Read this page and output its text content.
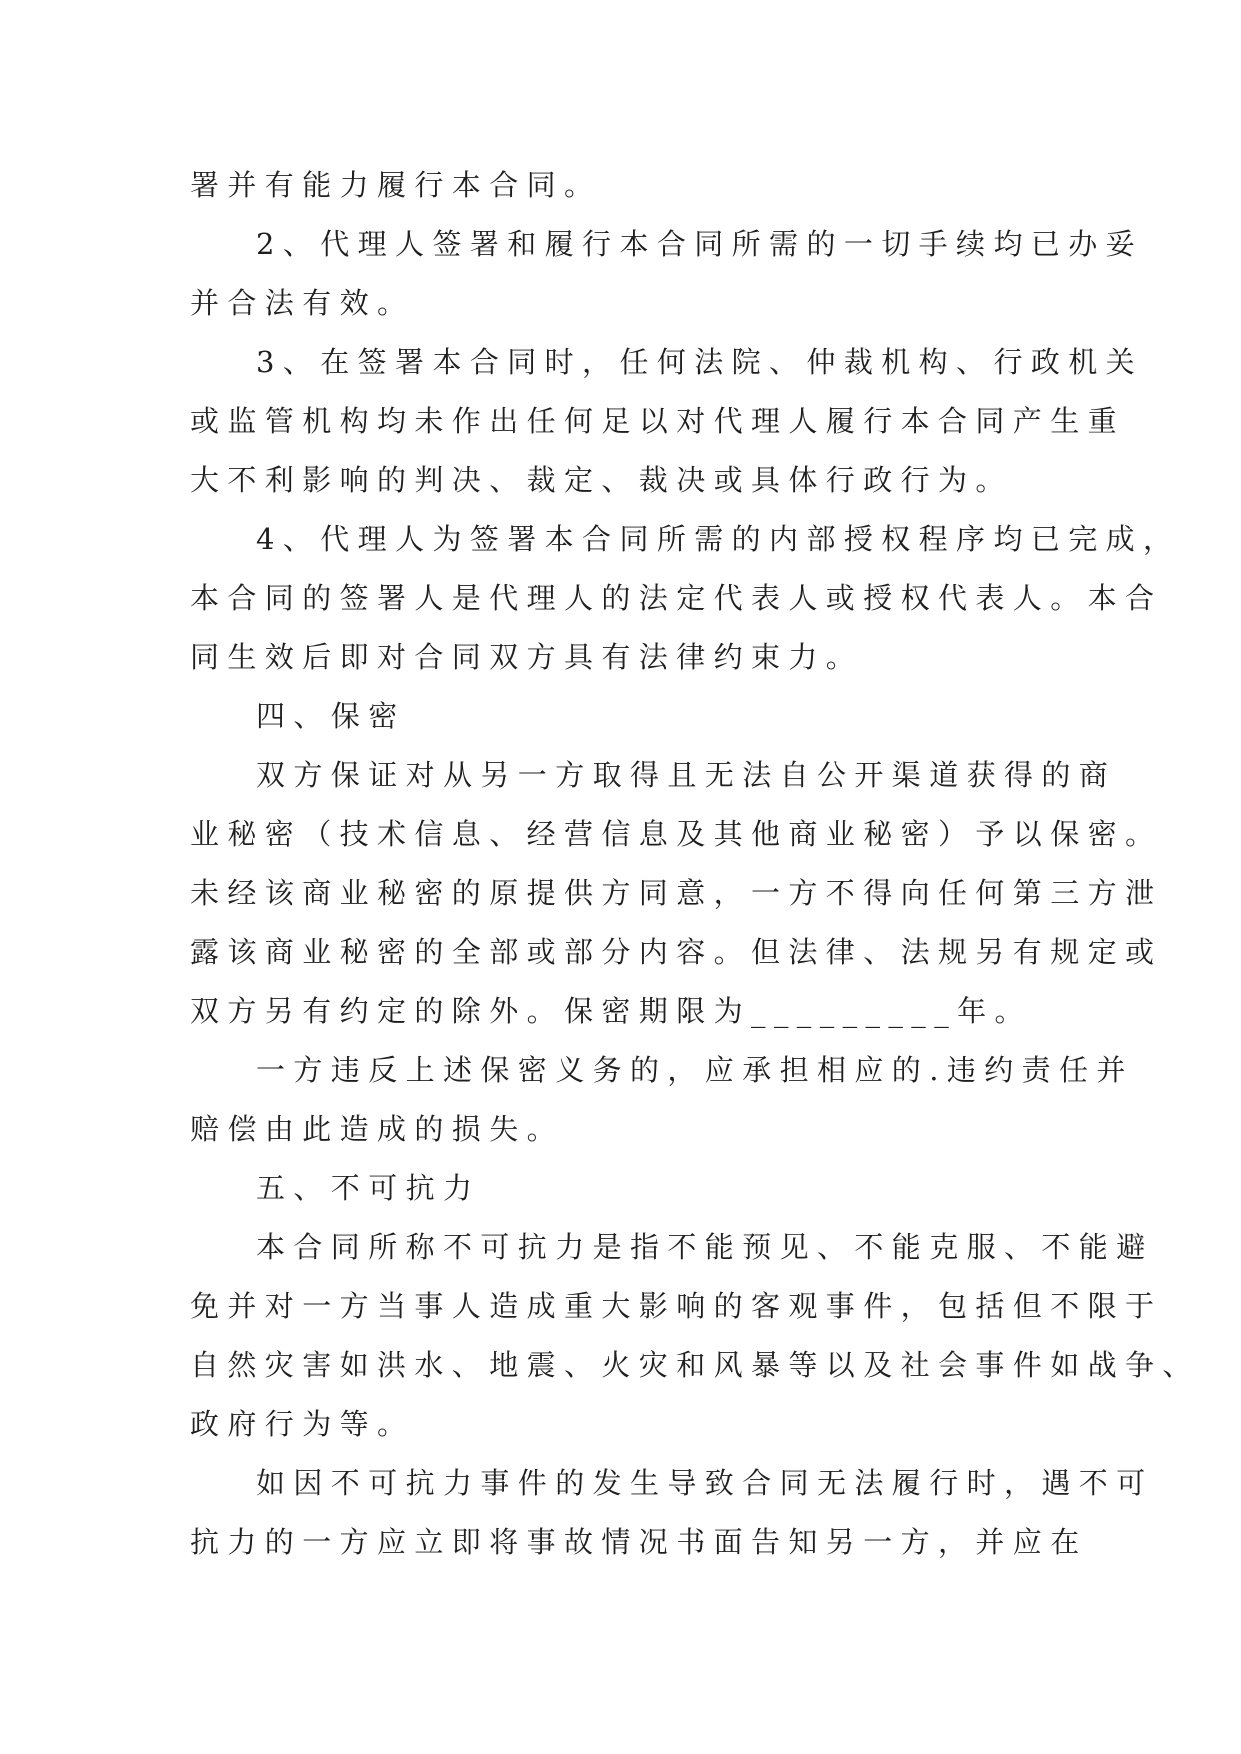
署并有能力履行本合同。
2、代理人签署和履行本合同所需的一切手续均已办妥
并合法有效。
3、在签署本合同时，任何法院、仲裁机构、行政机关
或监管机构均未作出任何足以对代理人履行本合同产生重
大不利影响的判决、裁定、裁决或具体行政行为。
4、代理人为签署本合同所需的内部授权程序均已完成，
本合同的签署人是代理人的法定代表人或授权代表人。本合
同生效后即对合同双方具有法律约束力。
四、保密
双方保证对从另一方取得且无法自公开渠道获得的商
业秘密（技术信息、经营信息及其他商业秘密）予以保密。
未经该商业秘密的原提供方同意，一方不得向任何第三方泄
露该商业秘密的全部或部分内容。但法律、法规另有规定或
双方另有约定的除外。保密期限为_________年。
一方违反上述保密义务的，应承担相应的.违约责任并
赔偿由此造成的损失。
五、不可抗力
本合同所称不可抗力是指不能预见、不能克服、不能避
免并对一方当事人造成重大影响的客观事件，包括但不限于
自然灾害如洪水、地震、火灾和风暴等以及社会事件如战争、
政府行为等。
如因不可抗力事件的发生导致合同无法履行时，遇不可
抗力的一方应立即将事故情况书面告知另一方，并应在
